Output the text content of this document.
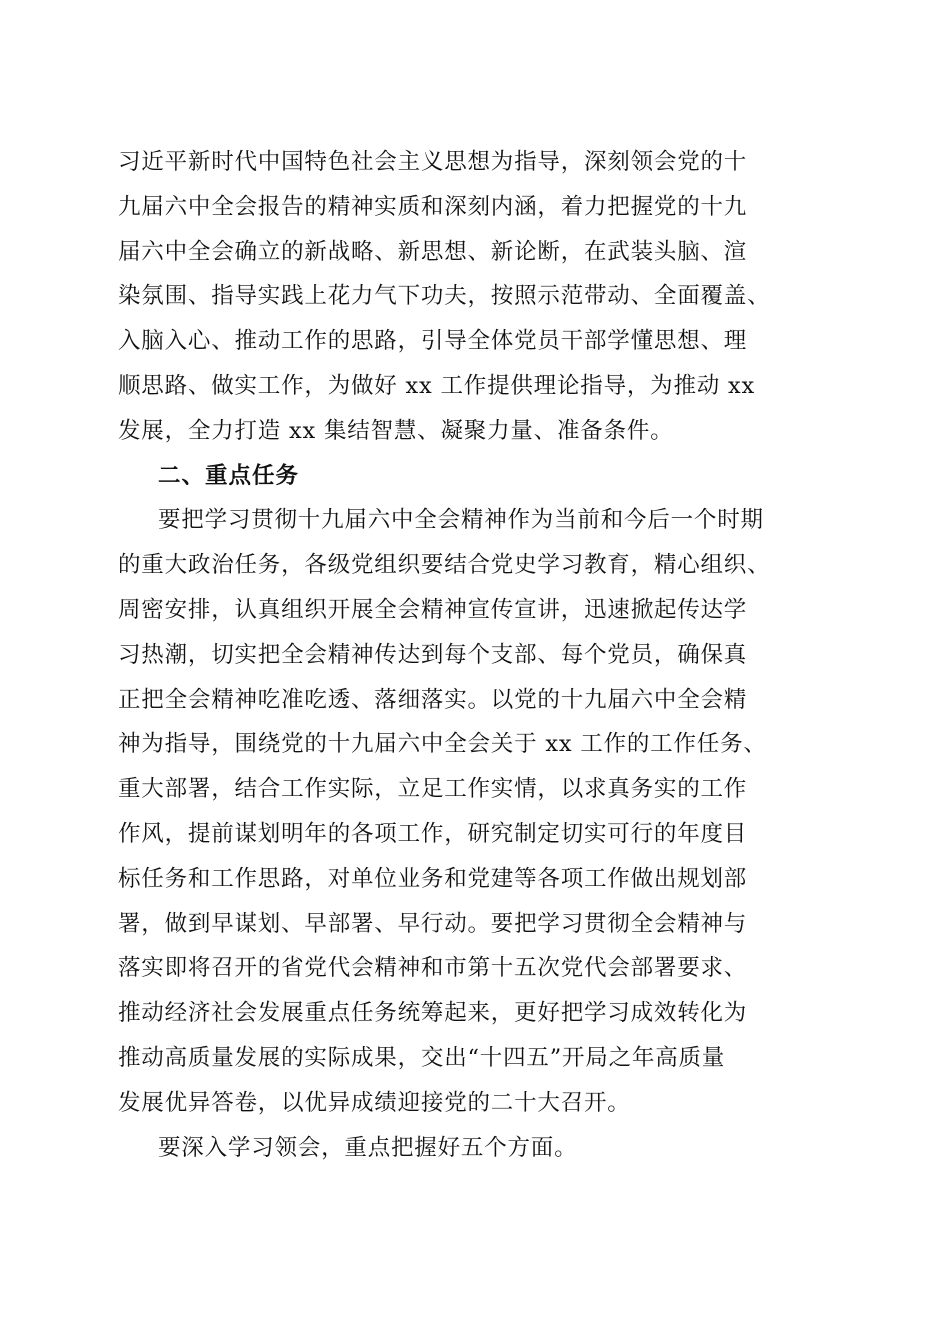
习近平新时代中国特色社会主义思想为指导，深刻领会党的十
九届六中全会报告的精神实质和深刻内涵，着力把握党的十九
届六中全会确立的新战略、新思想、新论断，在武装头脑、渲
染氛围、指导实践上花力气下功夫，按照示范带动、全面覆盖、
入脑入心、推动工作的思路，引导全体党员干部学懂思想、理
顺思路、做实工作，为做好 xx 工作提供理论指导，为推动 xx
发展，全力打造 xx 集结智慧、凝聚力量、准备条件。
二、重点任务
要把学习贯彻十九届六中全会精神作为当前和今后一个时期
的重大政治任务，各级党组织要结合党史学习教育，精心组织、
周密安排，认真组织开展全会精神宣传宣讲，迅速掀起传达学
习热潮，切实把全会精神传达到每个支部、每个党员，确保真
正把全会精神吃准吃透、落细落实。以党的十九届六中全会精
神为指导，围绕党的十九届六中全会关于 xx 工作的工作任务、
重大部署，结合工作实际，立足工作实情，以求真务实的工作
作风，提前谋划明年的各项工作，研究制定切实可行的年度目
标任务和工作思路，对单位业务和党建等各项工作做出规划部
署，做到早谋划、早部署、早行动。要把学习贯彻全会精神与
落实即将召开的省党代会精神和市第十五次党代会部署要求、
推动经济社会发展重点任务统筹起来，更好把学习成效转化为
推动高质量发展的实际成果，交出“十四五”开局之年高质量
发展优异答卷，以优异成绩迎接党的二十大召开。
要深入学习领会，重点把握好五个方面。
